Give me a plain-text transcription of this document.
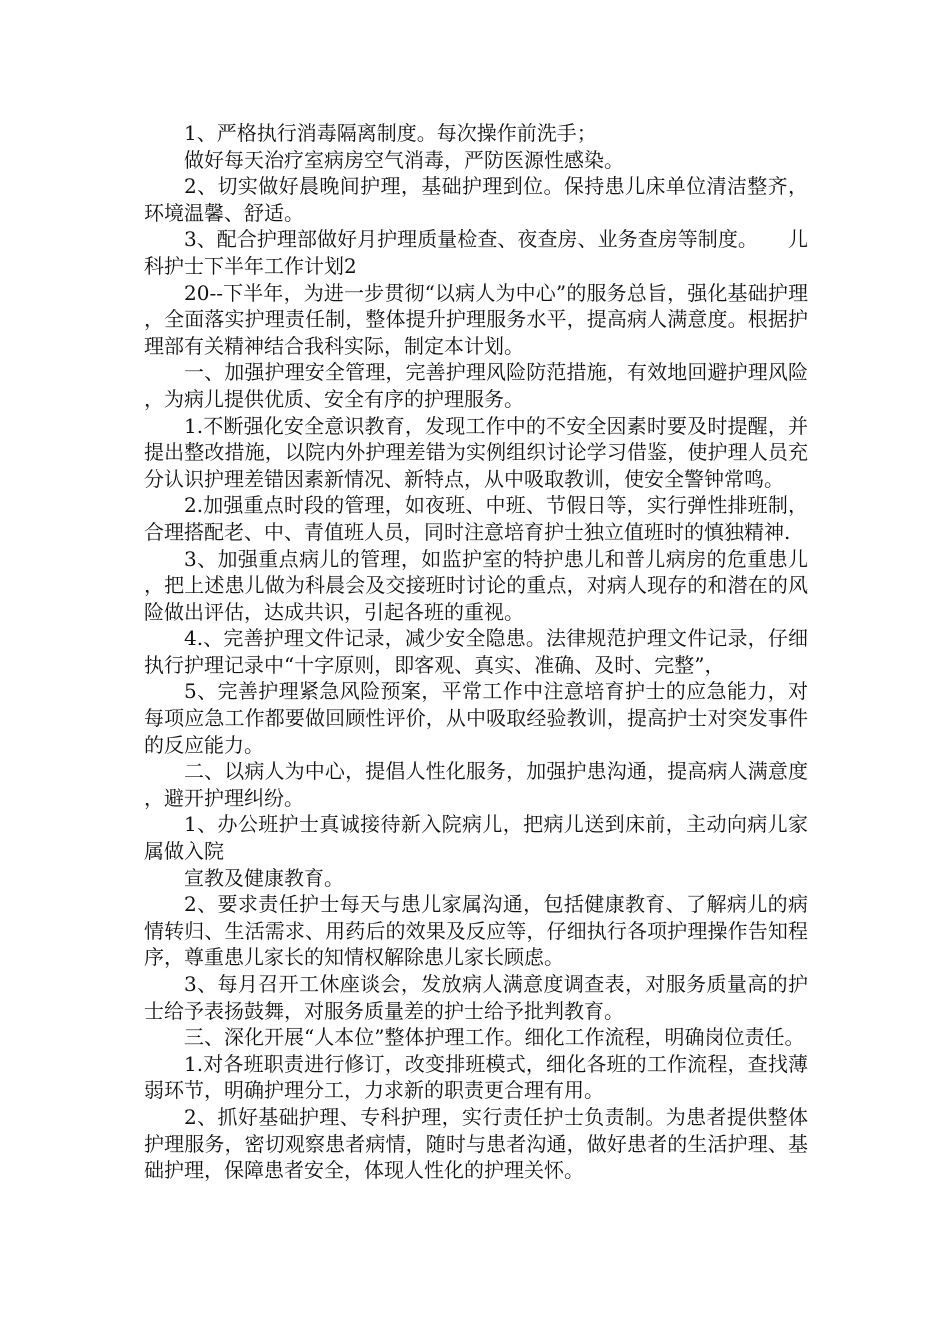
1、严格执行消毒隔离制度。每次操作前洗手；

做好每天治疗室病房空气消毒，严防医源性感染。

2、切实做好晨晚间护理，基础护理到位。保持患儿床单位清洁整齐，环境温馨、舒适。

3、配合护理部做好月护理质量检查、夜查房、业务查房等制度。　　儿科护士下半年工作计划2

20--下半年，为进一步贯彻“以病人为中心”的服务总旨，强化基础护理，全面落实护理责任制，整体提升护理服务水平，提高病人满意度。根据护理部有关精神结合我科实际，制定本计划。

一、加强护理安全管理，完善护理风险防范措施，有效地回避护理风险，为病儿提供优质、安全有序的护理服务。

1.不断强化安全意识教育，发现工作中的不安全因素时要及时提醒，并提出整改措施，以院内外护理差错为实例组织讨论学习借鉴，使护理人员充分认识护理差错因素新情况、新特点，从中吸取教训，使安全警钟常鸣。

2.加强重点时段的管理，如夜班、中班、节假日等，实行弹性排班制，合理搭配老、中、青值班人员，同时注意培育护士独立值班时的慎独精神.

3、加强重点病儿的管理，如监护室的特护患儿和普儿病房的危重患儿，把上述患儿做为科晨会及交接班时讨论的重点，对病人现存的和潜在的风险做出评估，达成共识，引起各班的重视。

4.、完善护理文件记录，减少安全隐患。法律规范护理文件记录，仔细执行护理记录中“十字原则，即客观、真实、准确、及时、完整”，

5、完善护理紧急风险预案，平常工作中注意培育护士的应急能力，对每项应急工作都要做回顾性评价，从中吸取经验教训，提高护士对突发事件的反应能力。

二、以病人为中心，提倡人性化服务，加强护患沟通，提高病人满意度，避开护理纠纷。

1、办公班护士真诚接待新入院病儿，把病儿送到床前，主动向病儿家属做入院

宣教及健康教育。

2、要求责任护士每天与患儿家属沟通，包括健康教育、了解病儿的病情转归、生活需求、用药后的效果及反应等，仔细执行各项护理操作告知程序，尊重患儿家长的知情权解除患儿家长顾虑。

3、每月召开工休座谈会，发放病人满意度调查表，对服务质量高的护士给予表扬鼓舞，对服务质量差的护士给予批判教育。

三、深化开展“人本位”整体护理工作。细化工作流程，明确岗位责任。

1.对各班职责进行修订，改变排班模式，细化各班的工作流程，查找薄弱环节，明确护理分工，力求新的职责更合理有用。

2、抓好基础护理、专科护理，实行责任护士负责制。为患者提供整体护理服务，密切观察患者病情，随时与患者沟通，做好患者的生活护理、基础护理，保障患者安全，体现人性化的护理关怀。
